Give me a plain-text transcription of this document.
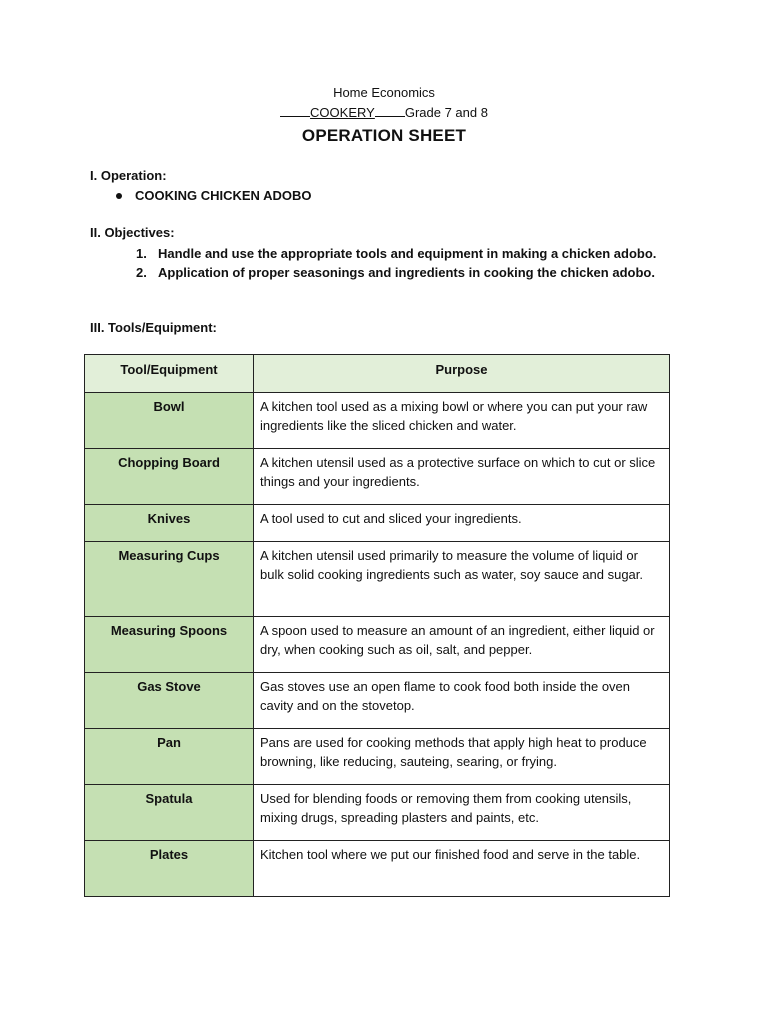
Home Economics
COOKERY Grade 7 and 8
OPERATION SHEET
I. Operation:
COOKING CHICKEN ADOBO
II. Objectives:
1. Handle and use the appropriate tools and equipment in making a chicken adobo.
2. Application of proper seasonings and ingredients in cooking the chicken adobo.
III. Tools/Equipment:
Tool/Equipment	Purpose
Bowl	A kitchen tool used as a mixing bowl or where you can put your raw ingredients like the sliced chicken and water.
Chopping Board	A kitchen utensil used as a protective surface on which to cut or slice things and your ingredients.
Knives	A tool used to cut and sliced your ingredients.
Measuring Cups	A kitchen utensil used primarily to measure the volume of liquid or bulk solid cooking ingredients such as water, soy sauce and sugar.
Measuring Spoons	A spoon used to measure an amount of an ingredient, either liquid or dry, when cooking such as oil, salt, and pepper.
Gas Stove	Gas stoves use an open flame to cook food both inside the oven cavity and on the stovetop.
Pan	Pans are used for cooking methods that apply high heat to produce browning, like reducing, sauteing, searing, or frying.
Spatula	Used for blending foods or removing them from cooking utensils, mixing drugs, spreading plasters and paints, etc.
Plates	Kitchen tool where we put our finished food and serve in the table.
